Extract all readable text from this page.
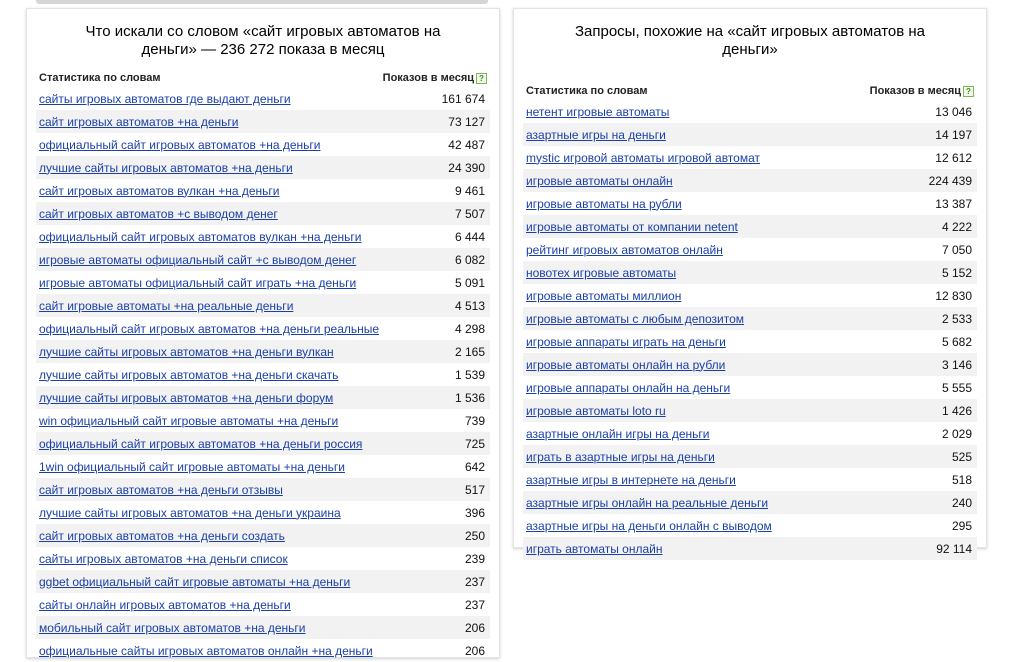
Что искали со словом «сайт игровых автоматов на деньги» — 236 272 показа в месяц
Статистика по словам	Показов в месяц ?
сайты игровых автоматов где выдают деньги	161 674
сайт игровых автоматов +на деньги	73 127
официальный сайт игровых автоматов +на деньги	42 487
лучшие сайты игровых автоматов +на деньги	24 390
сайт игровых автоматов вулкан +на деньги	9 461
сайт игровых автоматов +с выводом денег	7 507
официальный сайт игровых автоматов вулкан +на деньги	6 444
игровые автоматы официальный сайт +с выводом денег	6 082
игровые автоматы официальный сайт играть +на деньги	5 091
сайт игровые автоматы +на реальные деньги	4 513
официальный сайт игровых автоматов +на деньги реальные	4 298
лучшие сайты игровых автоматов +на деньги вулкан	2 165
лучшие сайты игровых автоматов +на деньги скачать	1 539
лучшие сайты игровых автоматов +на деньги форум	1 536
win официальный сайт игровые автоматы +на деньги	739
официальный сайт игровых автоматов +на деньги россия	725
1win официальный сайт игровые автоматы +на деньги	642
сайт игровых автоматов +на деньги отзывы	517
лучшие сайты игровых автоматов +на деньги украина	396
сайт игровых автоматов +на деньги создать	250
сайты игровых автоматов +на деньги список	239
ggbet официальный сайт игровые автоматы +на деньги	237
сайты онлайн игровых автоматов +на деньги	237
мобильный сайт игровых автоматов +на деньги	206
официальные сайты игровых автоматов онлайн +на деньги	206
Запросы, похожие на «сайт игровых автоматов на деньги»
Статистика по словам	Показов в месяц ?
нетент игровые автоматы	13 046
азартные игры на деньги	14 197
mystic игровой автоматы игровой автомат	12 612
игровые автоматы онлайн	224 439
игровые автоматы на рубли	13 387
игровые автоматы от компании netent	4 222
рейтинг игровых автоматов онлайн	7 050
новотех игровые автоматы	5 152
игровые автоматы миллион	12 830
игровые автоматы с любым депозитом	2 533
игровые аппараты играть на деньги	5 682
игровые автоматы онлайн на рубли	3 146
игровые аппараты онлайн на деньги	5 555
игровые автоматы loto ru	1 426
азартные онлайн игры на деньги	2 029
играть в азартные игры на деньги	525
азартные игры в интернете на деньги	518
азартные игры онлайн на реальные деньги	240
азартные игры на деньги онлайн с выводом	295
играть автоматы онлайн	92 114
